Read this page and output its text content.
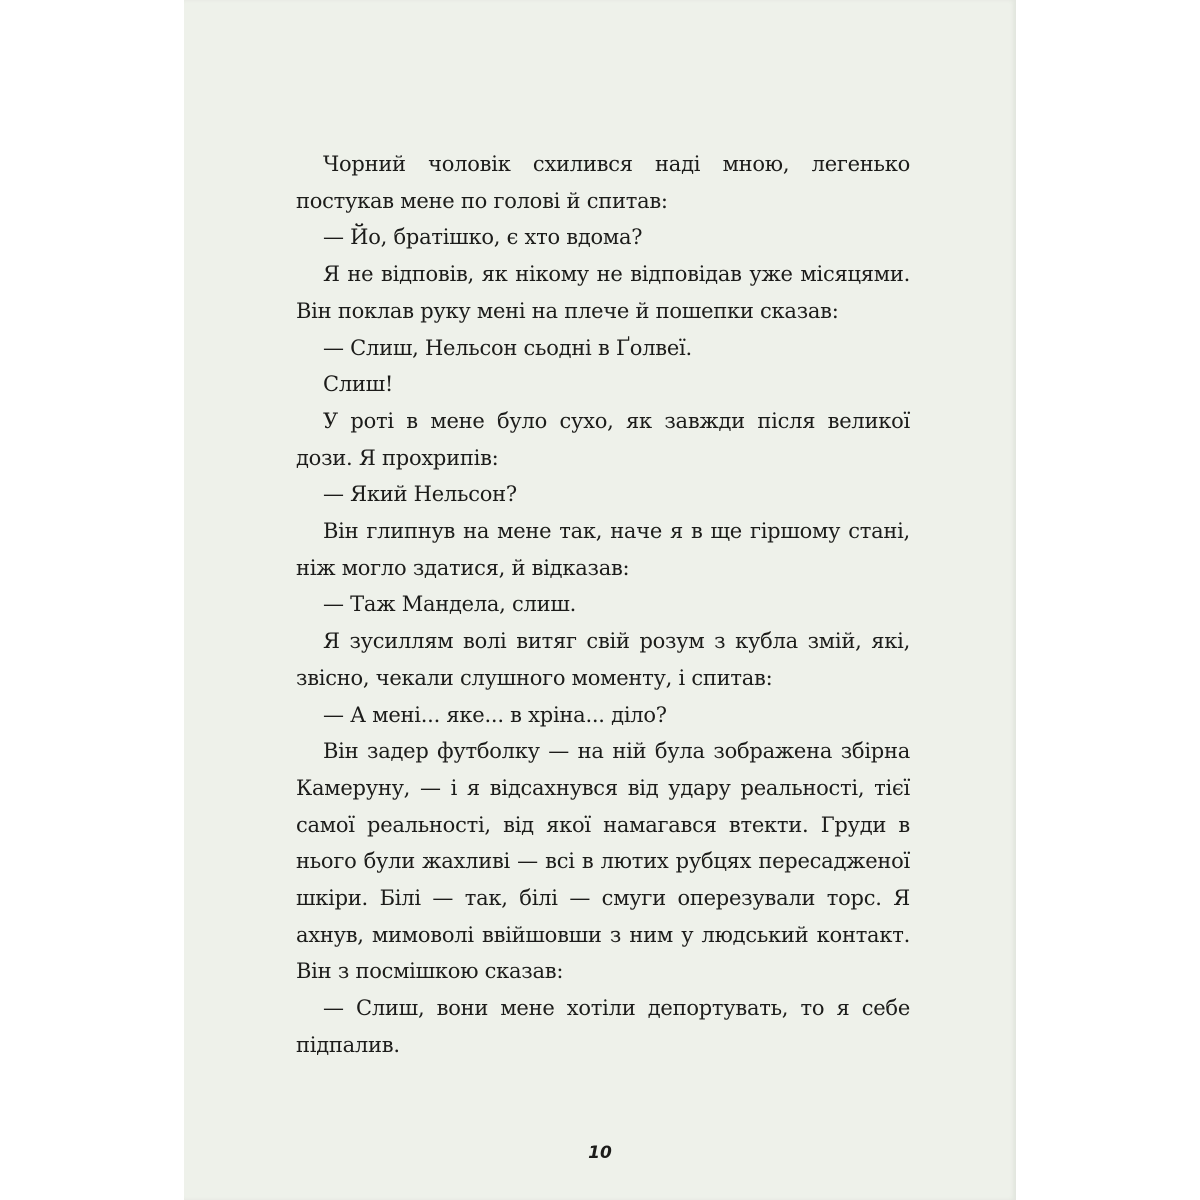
Чорний чоловік схилився наді мною, легенько постукав мене по голові й спитав:

— Йо, братішко, є хто вдома?

Я не відповів, як нікому не відповідав уже місяцями. Він поклав руку мені на плече й пошепки сказав:

— Слиш, Нельсон сьодні в Ґолвеї.

Слиш!

У роті в мене було сухо, як завжди після великої дози. Я прохрипів:

— Який Нельсон?

Він глипнув на мене так, наче я в ще гіршому стані, ніж могло здатися, й відказав:

— Таж Мандела, слиш.

Я зусиллям волі витяг свій розум з кубла змій, які, звісно, чекали слушного моменту, і спитав:

— А мені... яке... в хріна... діло?

Він задер футболку — на ній була зображена збірна Камеруну, — і я відсахнувся від удару реальності, тієї самої реальності, від якої намагався втекти. Груди в нього були жахливі — всі в лютих рубцях пересадженої шкіри. Білі — так, білі — смуги оперезували торс. Я ахнув, мимоволі ввійшовши з ним у людський контакт. Він з посмішкою сказав:

— Слиш, вони мене хотіли депортувать, то я себе підпалив.

10
